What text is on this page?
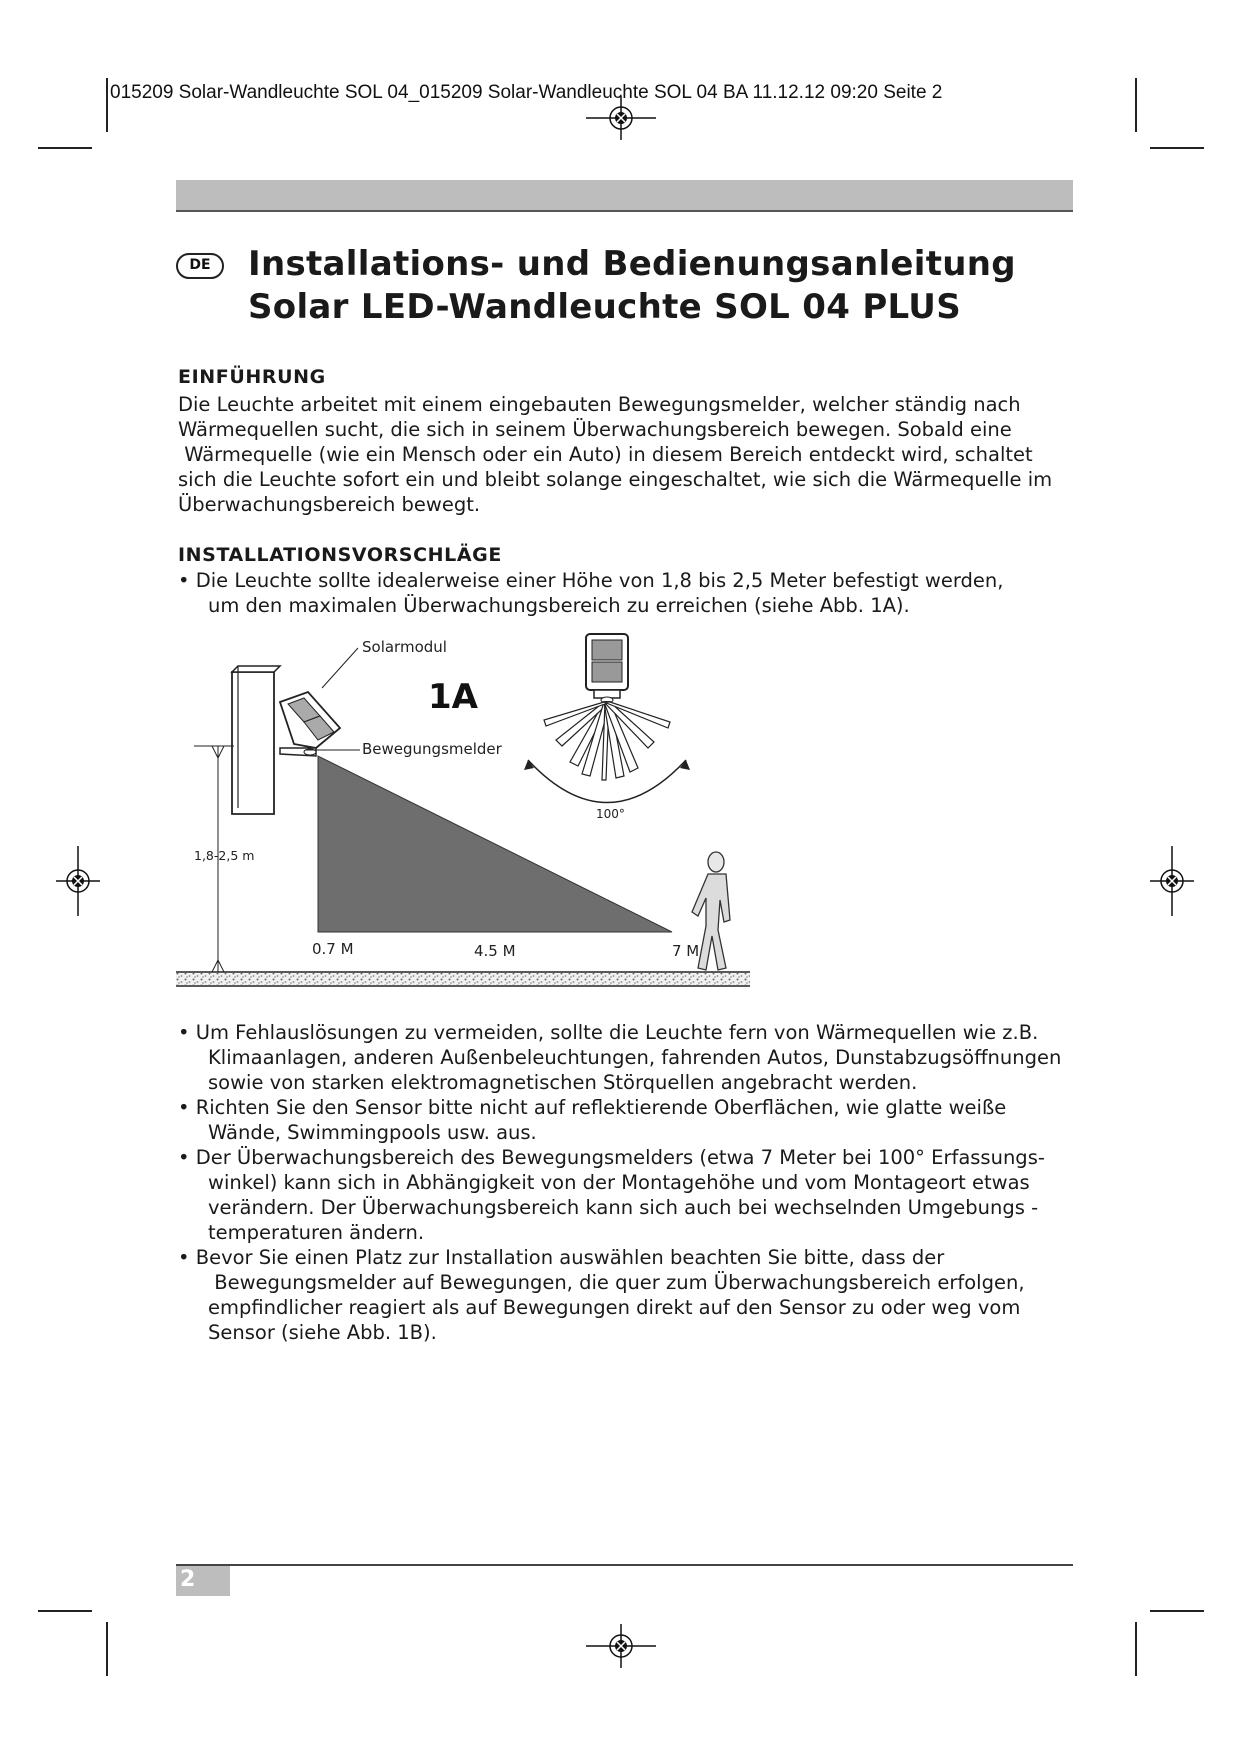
015209 Solar-Wandleuchte SOL 04_015209 Solar-Wandleuchte SOL 04 BA 11.12.12 09:20 Seite 2
DE	Installations- und Bedienungsanleitung
Solar LED-Wandleuchte SOL 04 PLUS
EINFÜHRUNG
Die Leuchte arbeitet mit einem eingebauten Bewegungsmelder, welcher ständig nach
Wärmequellen sucht, die sich in seinem Überwachungsbereich bewegen. Sobald eine
Wärmequelle (wie ein Mensch oder ein Auto) in diesem Bereich entdeckt wird, schaltet
sich die Leuchte sofort ein und bleibt solange eingeschaltet, wie sich die Wärmequelle im
Überwachungsbereich bewegt.
INSTALLATIONSVORSCHLÄGE
• Die Leuchte sollte idealerweise einer Höhe von 1,8 bis 2,5 Meter befestigt werden,
um den maximalen Überwachungsbereich zu erreichen (siehe Abb. 1A).
Solarmodul
Bewegungsmelder
1A
1,8-2,5 m
0.7 M	4.5 M	7 M
100°
• Um Fehlauslösungen zu vermeiden, sollte die Leuchte fern von Wärmequellen wie z.B.
Klimaanlagen, anderen Außenbeleuchtungen, fahrenden Autos, Dunstabzugsöffnungen
sowie von starken elektromagnetischen Störquellen angebracht werden.
• Richten Sie den Sensor bitte nicht auf reflektierende Oberflächen, wie glatte weiße
Wände, Swimmingpools usw. aus.
• Der Überwachungsbereich des Bewegungsmelders (etwa 7 Meter bei 100° Erfassungs-
winkel) kann sich in Abhängigkeit von der Montagehöhe und vom Montageort etwas
verändern. Der Überwachungsbereich kann sich auch bei wechselnden Umgebungs -
temperaturen ändern.
• Bevor Sie einen Platz zur Installation auswählen beachten Sie bitte, dass der
Bewegungsmelder auf Bewegungen, die quer zum Überwachungsbereich erfolgen,
empfindlicher reagiert als auf Bewegungen direkt auf den Sensor zu oder weg vom
Sensor (siehe Abb. 1B).
2
